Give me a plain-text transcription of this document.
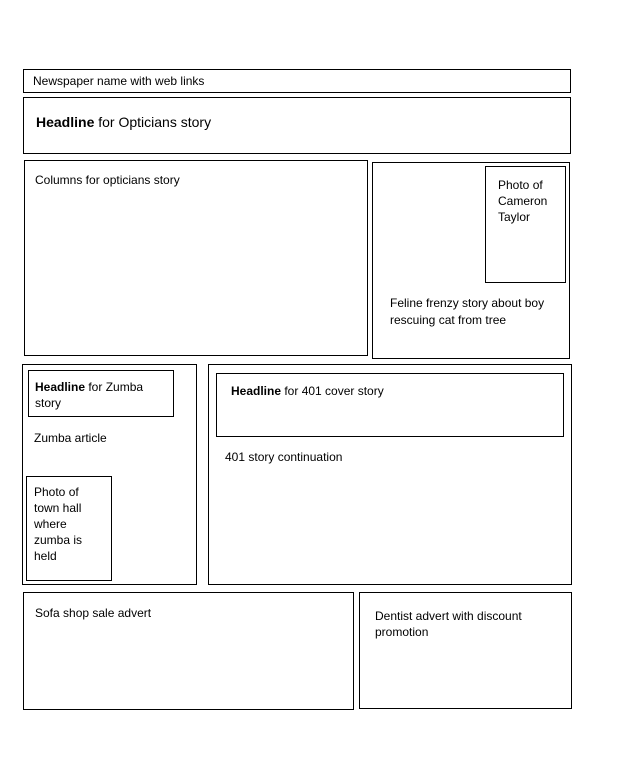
Newspaper name with web links
Headline for Opticians story
Columns for opticians story	Photo of Cameron Taylor
Feline frenzy story about boy rescuing cat from tree
Headline for Zumba story
Zumba article
Photo of town hall where zumba is held
Headline for 401 cover story
401 story continuation
Sofa shop sale advert	Dentist advert with discount promotion
